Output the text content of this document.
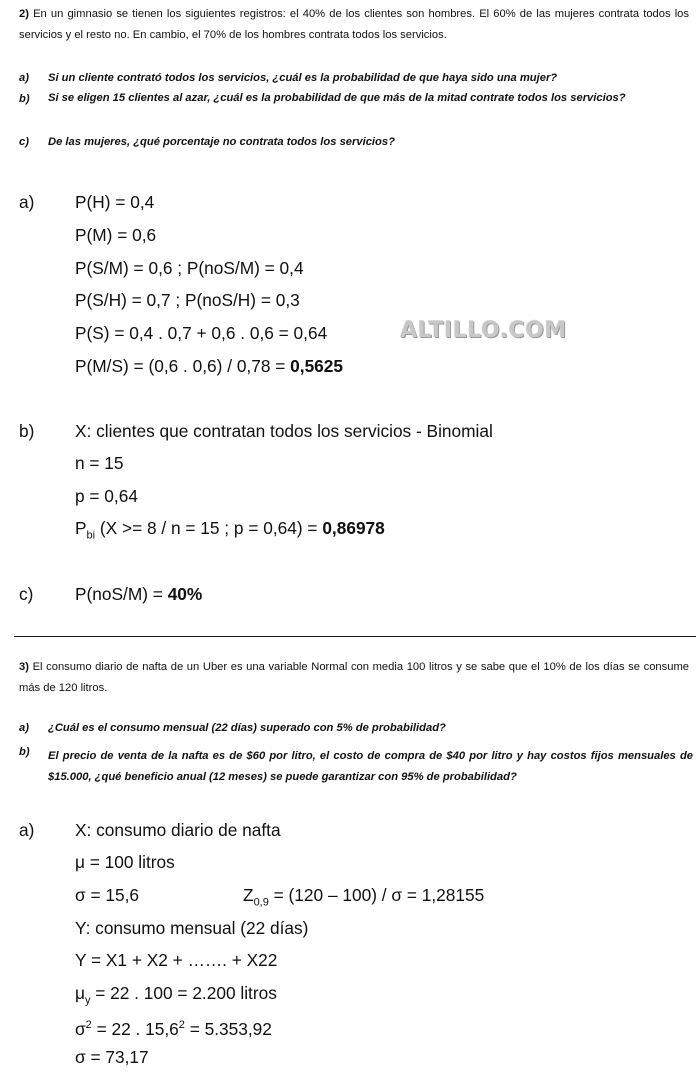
2) En un gimnasio se tienen los siguientes registros: el 40% de los clientes son hombres. El 60% de las mujeres contrata todos los servicios y el resto no. En cambio, el 70% de los hombres contrata todos los servicios.
a) Si un cliente contrató todos los servicios, ¿cuál es la probabilidad de que haya sido una mujer?
b) Si se eligen 15 clientes al azar, ¿cuál es la probabilidad de que más de la mitad contrate todos los servicios?
c) De las mujeres, ¿qué porcentaje no contrata todos los servicios?
a) P(H) = 0,4
P(M) = 0,6
P(S/M) = 0,6 ; P(noS/M) = 0,4
P(S/H) = 0,7 ; P(noS/H) = 0,3
P(S) = 0,4 . 0,7 + 0,6 . 0,6 = 0,64	ALTILLO.COM
P(M/S) = (0,6 . 0,6) / 0,78 = 0,5625
b) X: clientes que contratan todos los servicios - Binomial
n = 15
p = 0,64
$P_{bi}$ (X >= 8 / n = 15 ; p = 0,64) = 0,86978
c) P(noS/M) = 40%
3) El consumo diario de nafta de un Uber es una variable Normal con media 100 litros y se sabe que el 10% de los días se consume más de 120 litros.
a) ¿Cuál es el consumo mensual (22 días) superado con 5% de probabilidad?
b) El precio de venta de la nafta es de $60 por litro, el costo de compra de $40 por litro y hay costos fijos mensuales de $15.000, ¿qué beneficio anual (12 meses) se puede garantizar con 95% de probabilidad?
a) X: consumo diario de nafta
μ = 100 litros
σ = 15,6	$Z_{0,9} = (120 - 100) / \sigma = 1,28155$
Y: consumo mensual (22 días)
Y = X1 + X2 + ……. + X22
$\mu_y = 22$ . 100 = 2.200 litros
$\sigma^2 = 22$ . $15,6^2 = 5.353,92$
σ = 73,17
